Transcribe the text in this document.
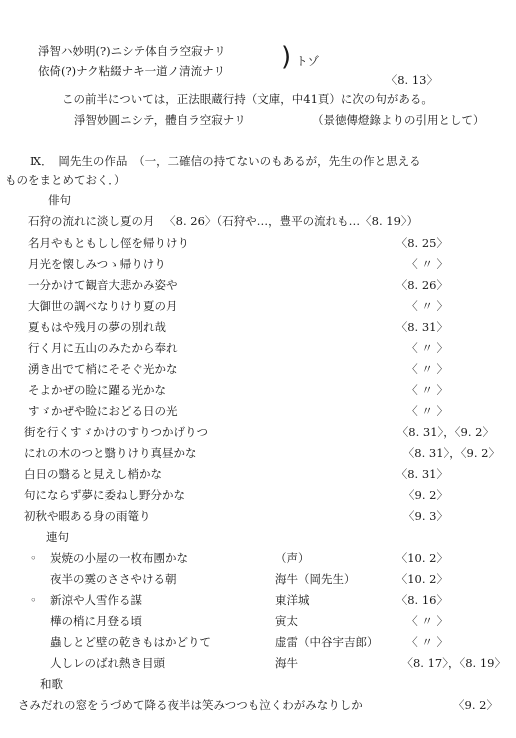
淨智ハ妙明(?)ニシテ体自ラ空寂ナリ
依倚(?)ナク粘綴ナキ一道ノ清流ナリ ) トゾ
〈8. 13〉
この前半については，正法眼蔵行持（文庫，中41頁）に次の句がある。
淨智妙圓ニシテ，體自ラ空寂ナリ	（景徳傳燈錄よりの引用として）
Ⅸ．　岡先生の作品　（一，二確信の持てないのもあるが，先生の作と思える
ものをまとめておく．）
俳句
石狩の流れに淡し夏の月 〈8. 26〉（石狩や…，豊平の流れも…〈8. 19〉）
名月やもともしし俓を帰りけり	〈8. 25〉
月光を懐しみつゝ帰りけり	〈 〃 〉
一分かけて観音大悲かみ姿や	〈8. 26〉
大御世の調べなりけり夏の月	〈 〃 〉
夏もはや残月の夢の別れ哉	〈8. 31〉
行く月に五山のみたから奉れ	〈 〃 〉
湧き出でて梢にそそぐ光かな	〈 〃 〉
そよかぜの睑に躍る光かな	〈 〃 〉
すゞかぜや睑におどる日の光	〈 〃 〉
街を行くすゞかけのすりつかげりつ	〈8. 31〉，〈9. 2〉
にれの木のつと翳りけり真昼かな	〈8. 31〉，〈9. 2〉
白日の翳ると見えし梢かな	〈8. 31〉
句にならず夢に委ねし野分かな	〈9. 2〉
初秋や暇ある身の雨篭り	〈9. 3〉
連句
◦ 炭焼の小屋の一枚布圑かな	（声）	〈10. 2〉
夜半の霙のささやける朝	海牛（岡先生）	〈10. 2〉
◦ 新涼や人雪作る謀	東洋城	〈8. 16〉
樺の梢に月登る頃	寅太	〈 〃 〉
蟲しとど壁の乾きもはかどりて	虚雷（中谷宇吉郎） 〈 〃 〉
人しレのばれ熱き目頭	海牛	〈8. 17〉，〈8. 19〉
和歌
さみだれの窓をうづめて降る夜半は笑みつつも泣くわがみなりしか	〈9. 2〉
